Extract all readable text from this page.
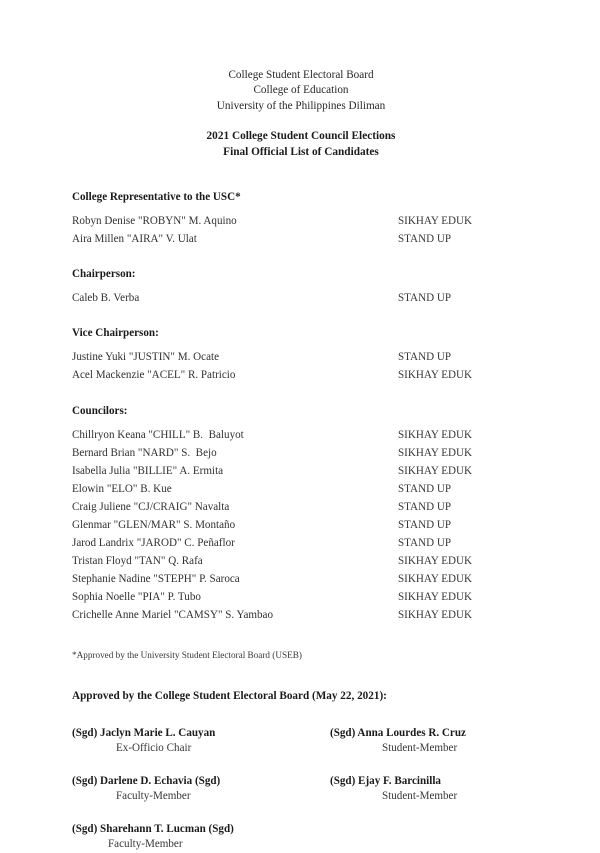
College Student Electoral Board
College of Education
University of the Philippines Diliman
2021 College Student Council Elections
Final Official List of Candidates
College Representative to the USC*
Robyn Denise "ROBYN" M. Aquino	SIKHAY EDUK
Aira Millen "AIRA" V. Ulat	STAND UP
Chairperson:
Caleb B. Verba	STAND UP
Vice Chairperson:
Justine Yuki "JUSTIN" M. Ocate	STAND UP
Acel Mackenzie "ACEL" R. Patricio	SIKHAY EDUK
Councilors:
Chillryon Keana "CHILL" B.  Baluyot	SIKHAY EDUK
Bernard Brian "NARD" S.  Bejo	SIKHAY EDUK
Isabella Julia "BILLIE" A. Ermita	SIKHAY EDUK
Elowin "ELO" B. Kue	STAND UP
Craig Juliene "CJ/CRAIG" Navalta	STAND UP
Glenmar "GLEN/MAR" S. Montaño	STAND UP
Jarod Landrix "JAROD" C. Peñaflor	STAND UP
Tristan Floyd "TAN" Q. Rafa	SIKHAY EDUK
Stephanie Nadine "STEPH" P. Saroca	SIKHAY EDUK
Sophia Noelle "PIA" P. Tubo	SIKHAY EDUK
Crichelle Anne Mariel "CAMSY" S. Yambao	SIKHAY EDUK
*Approved by the University Student Electoral Board (USEB)
Approved by the College Student Electoral Board (May 22, 2021):
(Sgd) Jaclyn Marie L. Cauyan
Ex-Officio Chair
(Sgd) Anna Lourdes R. Cruz
Student-Member
(Sgd) Darlene D. Echavia (Sgd)
Faculty-Member
(Sgd) Ejay F. Barcinilla
Student-Member
(Sgd) Sharehann T. Lucman (Sgd)
Faculty-Member
